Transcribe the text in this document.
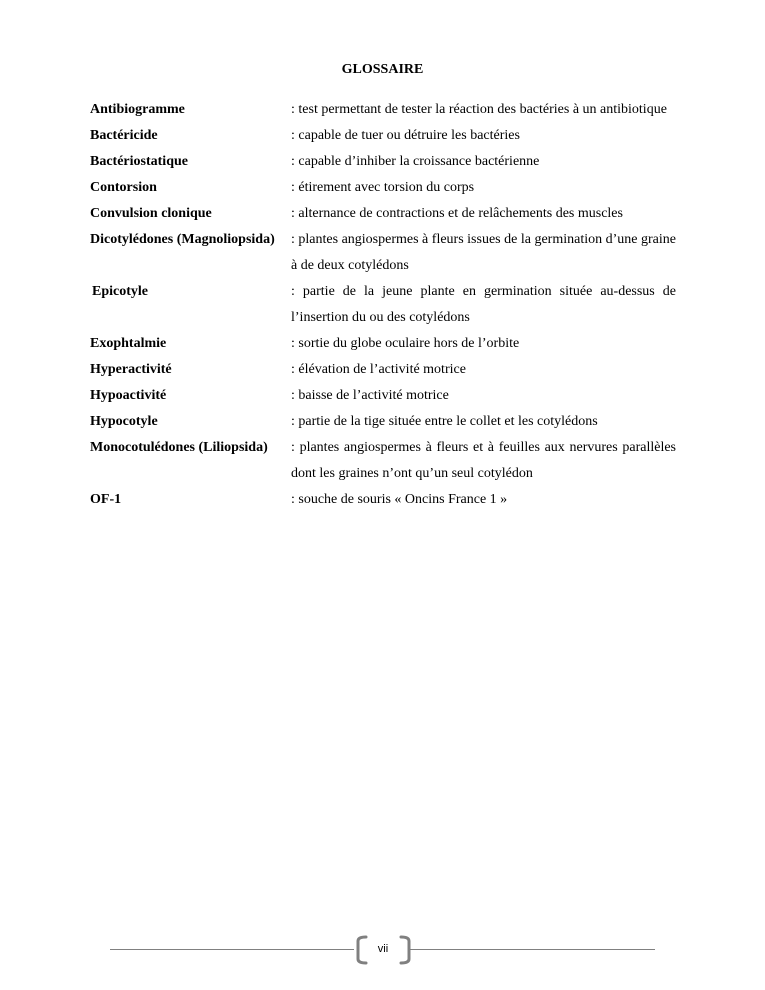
GLOSSAIRE
Antibiogramme	: test permettant de tester la réaction des bactéries à un antibiotique
Bactéricide	: capable de tuer ou détruire les bactéries
Bactériostatique	: capable d’inhiber la croissance bactérienne
Contorsion	: étirement avec torsion du corps
Convulsion clonique	: alternance de contractions et de relâchements des muscles
Dicotylédones (Magnoliopsida)	: plantes angiospermes à fleurs issues de la germination d’une graine à de deux cotylédons
Epicotyle	: partie de la jeune plante en germination située au-dessus de l’insertion du ou des cotylédons
Exophtalmie	: sortie du globe oculaire hors de l’orbite
Hyperactivité	: élévation de l’activité motrice
Hypoactivité	: baisse de l’activité motrice
Hypocotyle	: partie de la tige située entre le collet et les cotylédons
Monocotulédones (Liliopsida)	: plantes angiospermes à fleurs et à feuilles aux nervures parallèles dont les graines n’ont qu’un seul cotylédon
OF-1	: souche de souris « Oncins France 1 »
vii
